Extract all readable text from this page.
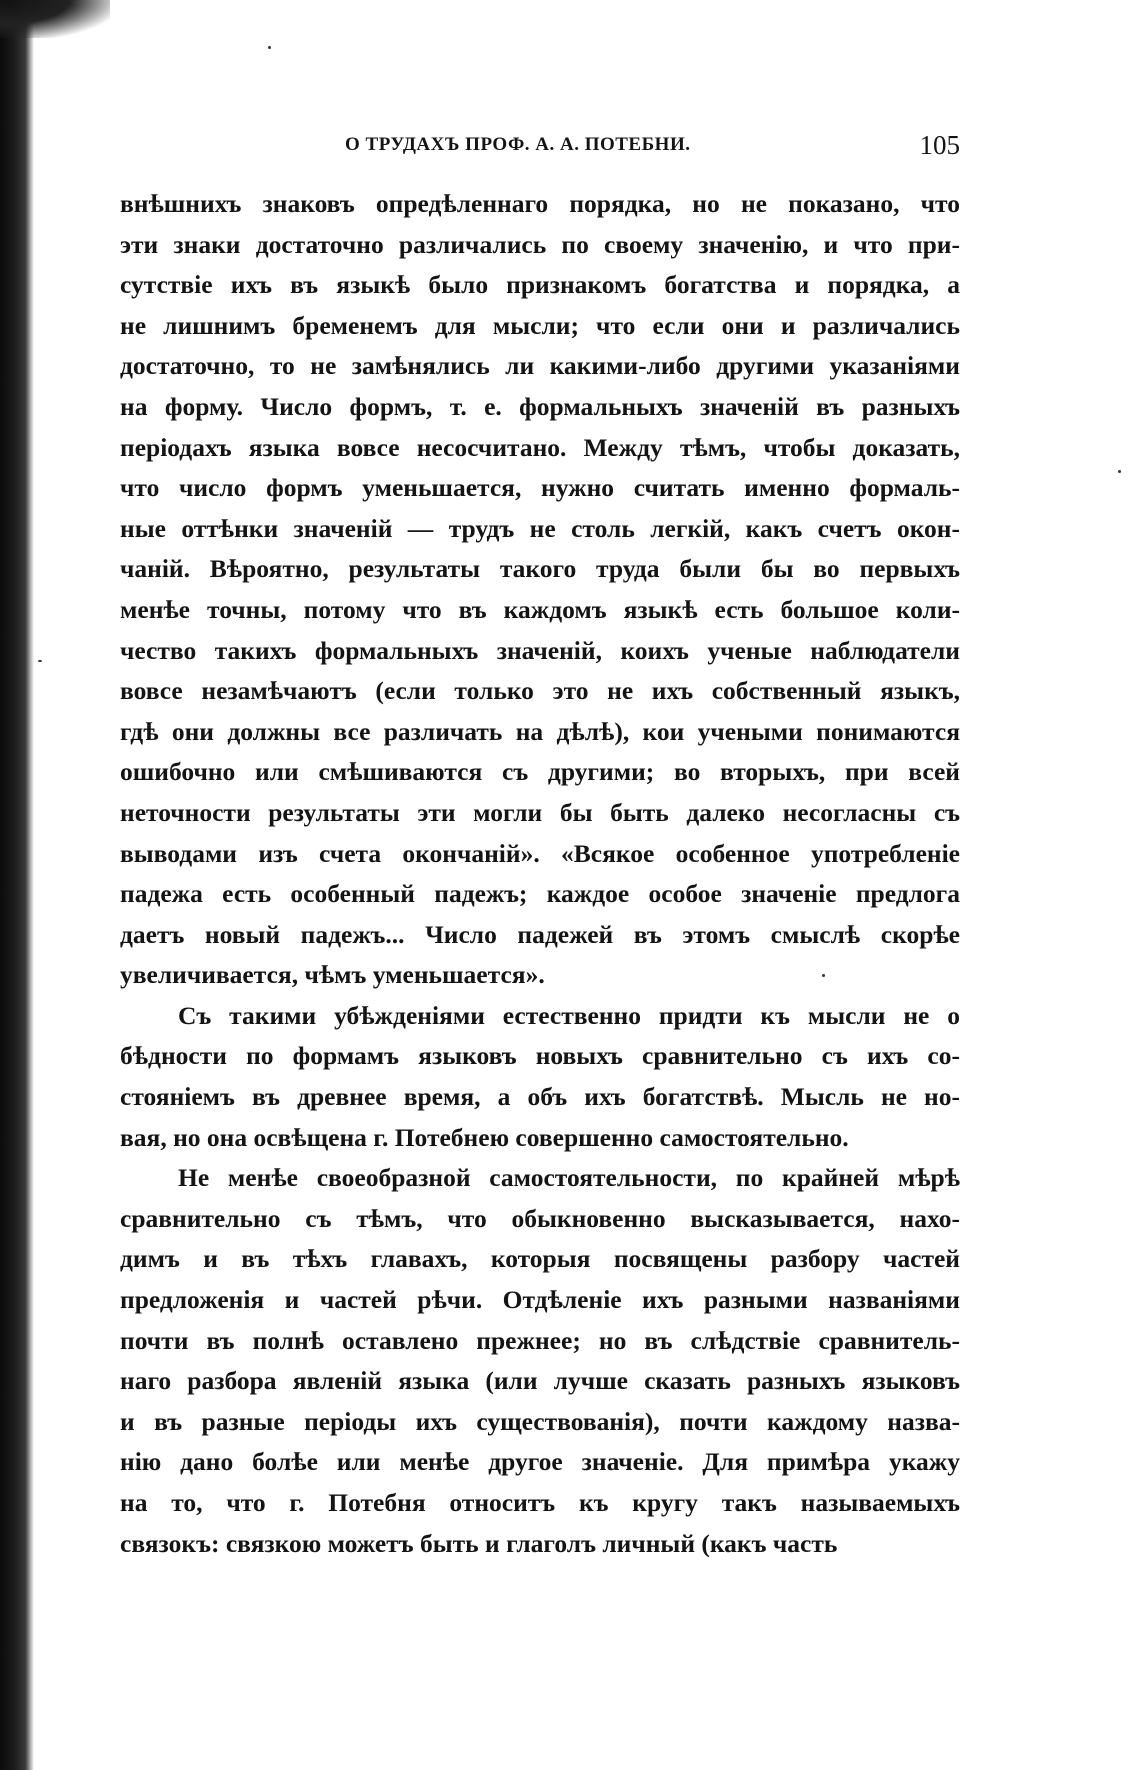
О ТРУДАХЪ ПРОФ. А. А. ПОТЕБНИ.	105
внѣшнихъ знаковъ опредѣленнаго порядка, но не показано, что
эти знаки достаточно различались по своему значенію, и что при-
сутствіе ихъ въ языкѣ было признакомъ богатства и порядка, а
не лишнимъ бременемъ для мысли; что если они и различались
достаточно, то не замѣнялись ли какими-либо другими указаніями
на форму. Число формъ, т. е. формальныхъ значеній въ разныхъ
періодахъ языка вовсе несосчитано. Между тѣмъ, чтобы доказать,
что число формъ уменьшается, нужно считать именно формаль-
ные оттѣнки значеній — трудъ не столь легкій, какъ счетъ окон-
чаній. Вѣроятно, результаты такого труда были бы во первыхъ
менѣе точны, потому что въ каждомъ языкѣ есть большое коли-
чество такихъ формальныхъ значеній, коихъ ученые наблюдатели
вовсе незамѣчаютъ (если только это не ихъ собственный языкъ,
гдѣ они должны все различать на дѣлѣ), кои учеными понимаются
ошибочно или смѣшиваются съ другими; во вторыхъ, при всей
неточности результаты эти могли бы быть далеко несогласны съ
выводами изъ счета окончаній». «Всякое особенное употребленіе
падежа есть особенный падежъ; каждое особое значеніе предлога
даетъ новый падежъ... Число падежей въ этомъ смыслѣ скорѣе
увеличивается, чѣмъ уменьшается».
Съ такими убѣжденіями естественно придти къ мысли не о
бѣдности по формамъ языковъ новыхъ сравнительно съ ихъ со-
стояніемъ въ древнее время, а объ ихъ богатствѣ. Мысль не но-
вая, но она освѣщена г. Потебнею совершенно самостоятельно.
Не менѣе своеобразной самостоятельности, по крайней мѣрѣ
сравнительно съ тѣмъ, что обыкновенно высказывается, нахо-
димъ и въ тѣхъ главахъ, которыя посвящены разбору частей
предложенія и частей рѣчи. Отдѣленіе ихъ разными названіями
почти въ полнѣ оставлено прежнее; но въ слѣдствіе сравнитель-
наго разбора явленій языка (или лучше сказать разныхъ языковъ
и въ разные періоды ихъ существованія), почти каждому назва-
нію дано болѣе или менѣе другое значеніе. Для примѣра укажу
на то, что г. Потебня относитъ къ кругу такъ называемыхъ
связокъ: связкою можетъ быть и глаголъ личный (какъ часть
